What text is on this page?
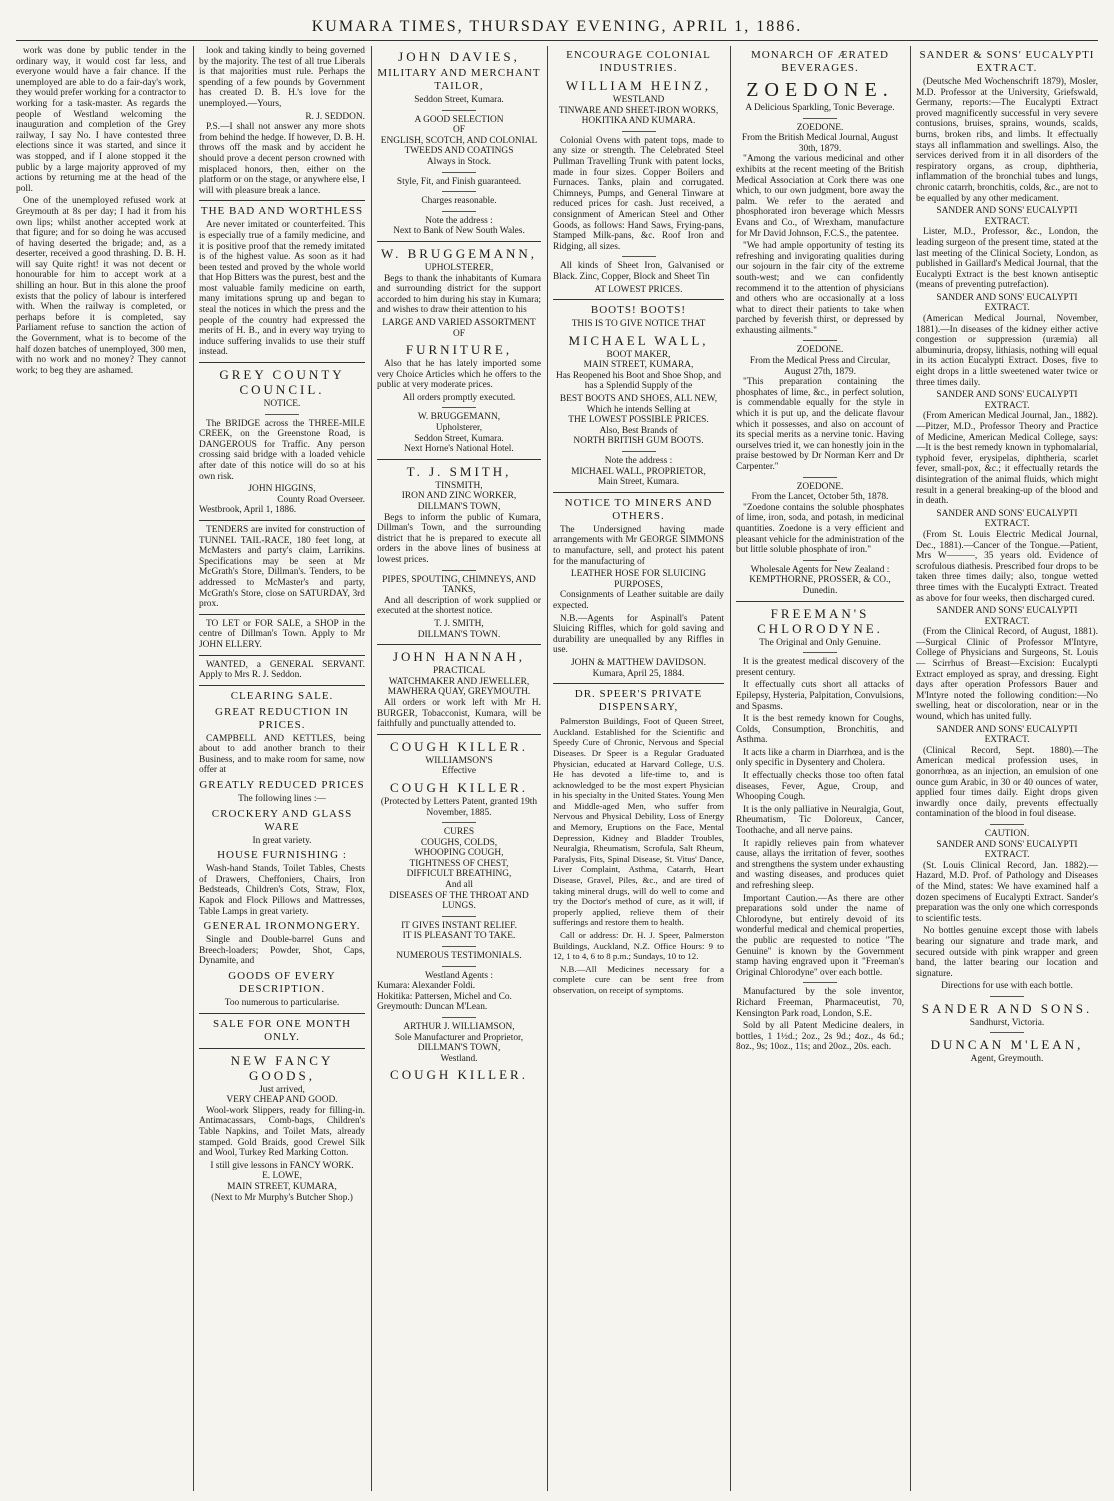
KUMARA TIMES, THURSDAY EVENING, APRIL 1, 1886.

work was done by public tender in the ordinary way, it would cost far less, and everyone would have a fair chance. If the unemployed are able to do a fair-day's work, they would prefer working for a contractor to working for a task-master. As regards the people of Westland welcoming the inauguration and completion of the Grey railway, I say No. I have contested three elections since it was started, and since it was stopped, and if I alone stopped it the public by a large majority approved of my actions by returning me at the head of the poll.

One of the unemployed refused work at Greymouth at 8s per day; I had it from his own lips; whilst another accepted work at that figure; and for so doing he was accused of having deserted the brigade; and, as a deserter, received a good thrashing. D. B. H. will say Quite right! it was not decent or honourable for him to accept work at a shilling an hour. But in this alone the proof exists that the policy of labour is interfered with. When the railway is completed, or perhaps before it is completed, say Parliament refuse to sanction the action of the Government, what is to become of the half dozen batches of unemployed, 300 men, with no work and no money? They cannot work; to beg they are ashamed.

look and taking kindly to being governed by the majority. The test of all true Liberals is that majorities must rule. Perhaps the spending of a few pounds by Government has created D. B. H.'s love for the unemployed.—Yours,

R. J. SEDDON.

P.S.—I shall not answer any more shots from behind the hedge. If however, D. B. H. throws off the mask and by accident he should prove a decent person crowned with misplaced honors, then, either on the platform or on the stage, or anywhere else, I will with pleasure break a lance.

THE BAD AND WORTHLESS

Are never imitated or counterfeited. This is especially true of a family medicine, and it is positive proof that the remedy imitated is of the highest value. As soon as it had been tested and proved by the whole world that Hop Bitters was the purest, best and the most valuable family medicine on earth, many imitations sprung up and began to steal the notices in which the press and the people of the country had expressed the merits of H. B., and in every way trying to induce suffering invalids to use their stuff instead.

GREY COUNTY COUNCIL.
NOTICE.

The BRIDGE across the THREE-MILE CREEK, on the Greenstone Road, is DANGEROUS for Traffic. Any person crossing said bridge with a loaded vehicle after date of this notice will do so at his own risk.

JOHN HIGGINS,
County Road Overseer.
Westbrook, April 1, 1886.

TENDERS are invited for construction of TUNNEL TAIL-RACE, 180 feet long, at McMasters and party's claim, Larrikins. Specifications may be seen at Mr McGrath's Store, Dillman's. Tenders, to be addressed to McMaster's and party, McGrath's Store, close on SATURDAY, 3rd prox.

TO LET or FOR SALE, a SHOP in the centre of Dillman's Town. Apply to Mr JOHN ELLERY.

WANTED, a GENERAL SERVANT. Apply to Mrs R. J. Seddon.

CLEARING SALE.
GREAT REDUCTION IN PRICES.

CAMPBELL AND KETTLES, being about to add another branch to their Business, and to make room for same, now offer at

GREATLY REDUCED PRICES
The following lines :—
CROCKERY AND GLASS WARE
In great variety.
HOUSE FURNISHING :

Wash-hand Stands, Toilet Tables, Chests of Drawers, Cheffoniers, Chairs, Iron Bedsteads, Children's Cots, Straw, Flox, Kapok and Flock Pillows and Mattresses, Table Lamps in great variety.

GENERAL IRONMONGERY.

Single and Double-barrel Guns and Breech-loaders; Powder, Shot, Caps, Dynamite, and

GOODS OF EVERY DESCRIPTION.
Too numerous to particularise.
SALE FOR ONE MONTH ONLY.
NEW FANCY GOODS,
Just arrived,
VERY CHEAP AND GOOD.

Wool-work Slippers, ready for filling-in. Antimacassars, Comb-bags, Children's Table Napkins, and Toilet Mats, already stamped. Gold Braids, good Crewel Silk and Wool, Turkey Red Marking Cotton.

I still give lessons in FANCY WORK.
E. LOWE,
MAIN STREET, KUMARA,
(Next to Mr Murphy's Butcher Shop.)
JOHN DAVIES,
MILITARY AND MERCHANT TAILOR,
Seddon Street, Kumara.
A GOOD SELECTION
OF
ENGLISH, SCOTCH, AND COLONIAL TWEEDS AND COATINGS
Always in Stock.
Style, Fit, and Finish guaranteed.
Charges reasonable.
Note the address :
Next to Bank of New South Wales.
W. BRUGGEMANN,
UPHOLSTERER,

Begs to thank the inhabitants of Kumara and surrounding district for the support accorded to him during his stay in Kumara; and wishes to draw their attention to his

LARGE AND VARIED ASSORTMENT OF
FURNITURE,

Also that he has lately imported some very Choice Articles which he offers to the public at very moderate prices.

All orders promptly executed.
W. BRUGGEMANN,
Upholsterer,
Seddon Street, Kumara.
Next Horne's National Hotel.
T. J. SMITH,
TINSMITH,
IRON AND ZINC WORKER,
DILLMAN'S TOWN,

Begs to inform the public of Kumara, Dillman's Town, and the surrounding district that he is prepared to execute all orders in the above lines of business at lowest prices.

PIPES, SPOUTING, CHIMNEYS, AND TANKS,

And all description of work supplied or executed at the shortest notice.

T. J. SMITH,
DILLMAN'S TOWN.
JOHN HANNAH,
PRACTICAL
WATCHMAKER AND JEWELLER,
MAWHERA QUAY, GREYMOUTH.

All orders or work left with Mr H. BURGER, Tobacconist, Kumara, will be faithfully and punctually attended to.

COUGH KILLER.
WILLIAMSON'S
Effective
COUGH KILLER.

(Protected by Letters Patent, granted 19th November, 1885.

CURES
COUGHS, COLDS,
WHOOPING COUGH,
TIGHTNESS OF CHEST,
DIFFICULT BREATHING,
And all
DISEASES OF THE THROAT AND LUNGS.
IT GIVES INSTANT RELIEF.
IT IS PLEASANT TO TAKE.
NUMEROUS TESTIMONIALS.
Westland Agents :
Kumara: Alexander Foldi.
Hokitika: Pattersen, Michel and Co.
Greymouth: Duncan M'Lean.
ARTHUR J. WILLIAMSON,
Sole Manufacturer and Proprietor,
DILLMAN'S TOWN,
Westland.
COUGH KILLER.
ENCOURAGE COLONIAL INDUSTRIES.
WILLIAM HEINZ,
WESTLAND
TINWARE AND SHEET-IRON WORKS,
HOKITIKA AND KUMARA.

Colonial Ovens with patent tops, made to any size or strength. The Celebrated Steel Pullman Travelling Trunk with patent locks, made in four sizes. Copper Boilers and Furnaces. Tanks, plain and corrugated. Chimneys, Pumps, and General Tinware at reduced prices for cash. Just received, a consignment of American Steel and Other Goods, as follows: Hand Saws, Frying-pans, Stamped Milk-pans, &c. Roof Iron and Ridging, all sizes.

All kinds of Sheet Iron, Galvanised or Black. Zinc, Copper, Block and Sheet Tin

AT LOWEST PRICES.
BOOTS! BOOTS!
THIS IS TO GIVE NOTICE THAT
MICHAEL WALL,
BOOT MAKER,
MAIN STREET, KUMARA,

Has Reopened his Boot and Shoe Shop, and has a Splendid Supply of the

BEST BOOTS AND SHOES, ALL NEW,
Which he intends Selling at
THE LOWEST POSSIBLE PRICES.
Also, Best Brands of
NORTH BRITISH GUM BOOTS.
Note the address :
MICHAEL WALL, PROPRIETOR,
Main Street, Kumara.
NOTICE TO MINERS AND OTHERS.

The Undersigned having made arrangements with Mr GEORGE SIMMONS to manufacture, sell, and protect his patent for the manufacturing of

LEATHER HOSE FOR SLUICING PURPOSES,

Consignments of Leather suitable are daily expected.

N.B.—Agents for Aspinall's Patent Sluicing Riffles, which for gold saving and durability are unequalled by any Riffles in use.

JOHN & MATTHEW DAVIDSON.
Kumara, April 25, 1884.
DR. SPEER'S PRIVATE DISPENSARY,

Palmerston Buildings, Foot of Queen Street, Auckland. Established for the Scientific and Speedy Cure of Chronic, Nervous and Special Diseases. Dr Speer is a Regular Graduated Physician, educated at Harvard College, U.S. He has devoted a life-time to, and is acknowledged to be the most expert Physician in his specialty in the United States. Young Men and Middle-aged Men, who suffer from Nervous and Physical Debility, Loss of Energy and Memory, Eruptions on the Face, Mental Depression, Kidney and Bladder Troubles, Neuralgia, Rheumatism, Scrofula, Salt Rheum, Paralysis, Fits, Spinal Disease, St. Vitus' Dance, Liver Complaint, Asthma, Catarrh, Heart Disease, Gravel, Piles, &c., and are tired of taking mineral drugs, will do well to come and try the Doctor's method of cure, as it will, if properly applied, relieve them of their sufferings and restore them to health.

Call or address: Dr. H. J. Speer, Palmerston Buildings, Auckland, N.Z. Office Hours: 9 to 12, 1 to 4, 6 to 8 p.m.; Sundays, 10 to 12.

N.B.—All Medicines necessary for a complete cure can be sent free from observation, on receipt of symptoms.

MONARCH OF ÆRATED BEVERAGES.
ZOEDONE.
A Delicious Sparkling, Tonic Beverage.
ZOEDONE.
From the British Medical Journal, August 30th, 1879.

"Among the various medicinal and other exhibits at the recent meeting of the British Medical Association at Cork there was one which, to our own judgment, bore away the palm. We refer to the aerated and phosphorated iron beverage which Messrs Evans and Co., of Wrexham, manufacture for Mr David Johnson, F.C.S., the patentee.

"We had ample opportunity of testing its refreshing and invigorating qualities during our sojourn in the fair city of the extreme south-west; and we can confidently recommend it to the attention of physicians and others who are occasionally at a loss what to direct their patients to take when parched by feverish thirst, or depressed by exhausting ailments."

ZOEDONE.
From the Medical Press and Circular, August 27th, 1879.

"This preparation containing the phosphates of lime, &c., in perfect solution, is commendable equally for the style in which it is put up, and the delicate flavour which it possesses, and also on account of its special merits as a nervine tonic. Having ourselves tried it, we can honestly join in the praise bestowed by Dr Norman Kerr and Dr Carpenter."

ZOEDONE.
From the Lancet, October 5th, 1878.

"Zoedone contains the soluble phosphates of lime, iron, soda, and potash, in medicinal quantities. Zoedone is a very efficient and pleasant vehicle for the administration of the but little soluble phosphate of iron."

Wholesale Agents for New Zealand :
KEMPTHORNE, PROSSER, & CO.,
Dunedin.
FREEMAN'S CHLORODYNE.
The Original and Only Genuine.

It is the greatest medical discovery of the present century.

It effectually cuts short all attacks of Epilepsy, Hysteria, Palpitation, Convulsions, and Spasms.

It is the best remedy known for Coughs, Colds, Consumption, Bronchitis, and Asthma.

It acts like a charm in Diarrhœa, and is the only specific in Dysentery and Cholera.

It effectually checks those too often fatal diseases, Fever, Ague, Croup, and Whooping Cough.

It is the only palliative in Neuralgia, Gout, Rheumatism, Tic Doloreux, Cancer, Toothache, and all nerve pains.

It rapidly relieves pain from whatever cause, allays the irritation of fever, soothes and strengthens the system under exhausting and wasting diseases, and produces quiet and refreshing sleep.

Important Caution.—As there are other preparations sold under the name of Chlorodyne, but entirely devoid of its wonderful medical and chemical properties, the public are requested to notice "The Genuine" is known by the Government stamp having engraved upon it "Freeman's Original Chlorodyne" over each bottle.

Manufactured by the sole inventor, Richard Freeman, Pharmaceutist, 70, Kensington Park road, London, S.E.

Sold by all Patent Medicine dealers, in bottles, 1 1½d.; 2oz., 2s 9d.; 4oz., 4s 6d.; 8oz., 9s; 10oz., 11s; and 20oz., 20s. each.

SANDER & SONS' EUCALYPTI EXTRACT.

(Deutsche Med Wochenschrift 1879), Mosler, M.D. Professor at the University, Griefswald, Germany, reports:—The Eucalypti Extract proved magnificently successful in very severe contusions, bruises, sprains, wounds, scalds, burns, broken ribs, and limbs. It effectually stays all inflammation and swellings. Also, the services derived from it in all disorders of the respiratory organs, as croup, diphtheria, inflammation of the bronchial tubes and lungs, chronic catarrh, bronchitis, colds, &c., are not to be equalled by any other medicament.

SANDER AND SONS' EUCALYPTI EXTRACT.

Lister, M.D., Professor, &c., London, the leading surgeon of the present time, stated at the last meeting of the Clinical Society, London, as published in Gaillard's Medical Journal, that the Eucalypti Extract is the best known antiseptic (means of preventing putrefaction).

SANDER AND SONS' EUCALYPTI EXTRACT.

(American Medical Journal, November, 1881).—In diseases of the kidney either active congestion or suppression (uræmia) all albuminuria, dropsy, lithiasis, nothing will equal in its action Eucalypti Extract. Doses, five to eight drops in a little sweetened water twice or three times daily.

SANDER AND SONS' EUCALYPTI EXTRACT.

(From American Medical Journal, Jan., 1882).—Pitzer, M.D., Professor Theory and Practice of Medicine, American Medical College, says:—It is the best remedy known in typhomalarial, typhoid fever, erysipelas, diphtheria, scarlet fever, small-pox, &c.; it effectually retards the disintegration of the animal fluids, which might result in a general breaking-up of the blood and in death.

SANDER AND SONS' EUCALYPTI EXTRACT.

(From St. Louis Electric Medical Journal, Dec., 1881).—Cancer of the Tongue.—Patient, Mrs W———, 35 years old. Evidence of scrofulous diathesis. Prescribed four drops to be taken three times daily; also, tongue wetted three times with the Eucalypti Extract. Treated as above for four weeks, then discharged cured.

SANDER AND SONS' EUCALYPTI EXTRACT.

(From the Clinical Record, of August, 1881).—Surgical Clinic of Professor M'Intyre, College of Physicians and Surgeons, St. Louis — Scirrhus of Breast—Excision: Eucalypti Extract employed as spray, and dressing. Eight days after operation Professors Bauer and M'Intyre noted the following condition:—No swelling, heat or discoloration, near or in the wound, which has united fully.

SANDER AND SONS' EUCALYPTI EXTRACT.

(Clinical Record, Sept. 1880).—The American medical profession uses, in gonorrhœa, as an injection, an emulsion of one ounce gum Arabic, in 30 or 40 ounces of water, applied four times daily. Eight drops given inwardly once daily, prevents effectually contamination of the blood in foul disease.

CAUTION.
SANDER AND SONS' EUCALYPTI EXTRACT.

(St. Louis Clinical Record, Jan. 1882).—Hazard, M.D. Prof. of Pathology and Diseases of the Mind, states: We have examined half a dozen specimens of Eucalypti Extract. Sander's preparation was the only one which corresponds to scientific tests.

No bottles genuine except those with labels bearing our signature and trade mark, and secured outside with pink wrapper and green band, the latter bearing our location and signature.

Directions for use with each bottle.
SANDER AND SONS.
Sandhurst, Victoria.
DUNCAN M'LEAN,
Agent, Greymouth.
